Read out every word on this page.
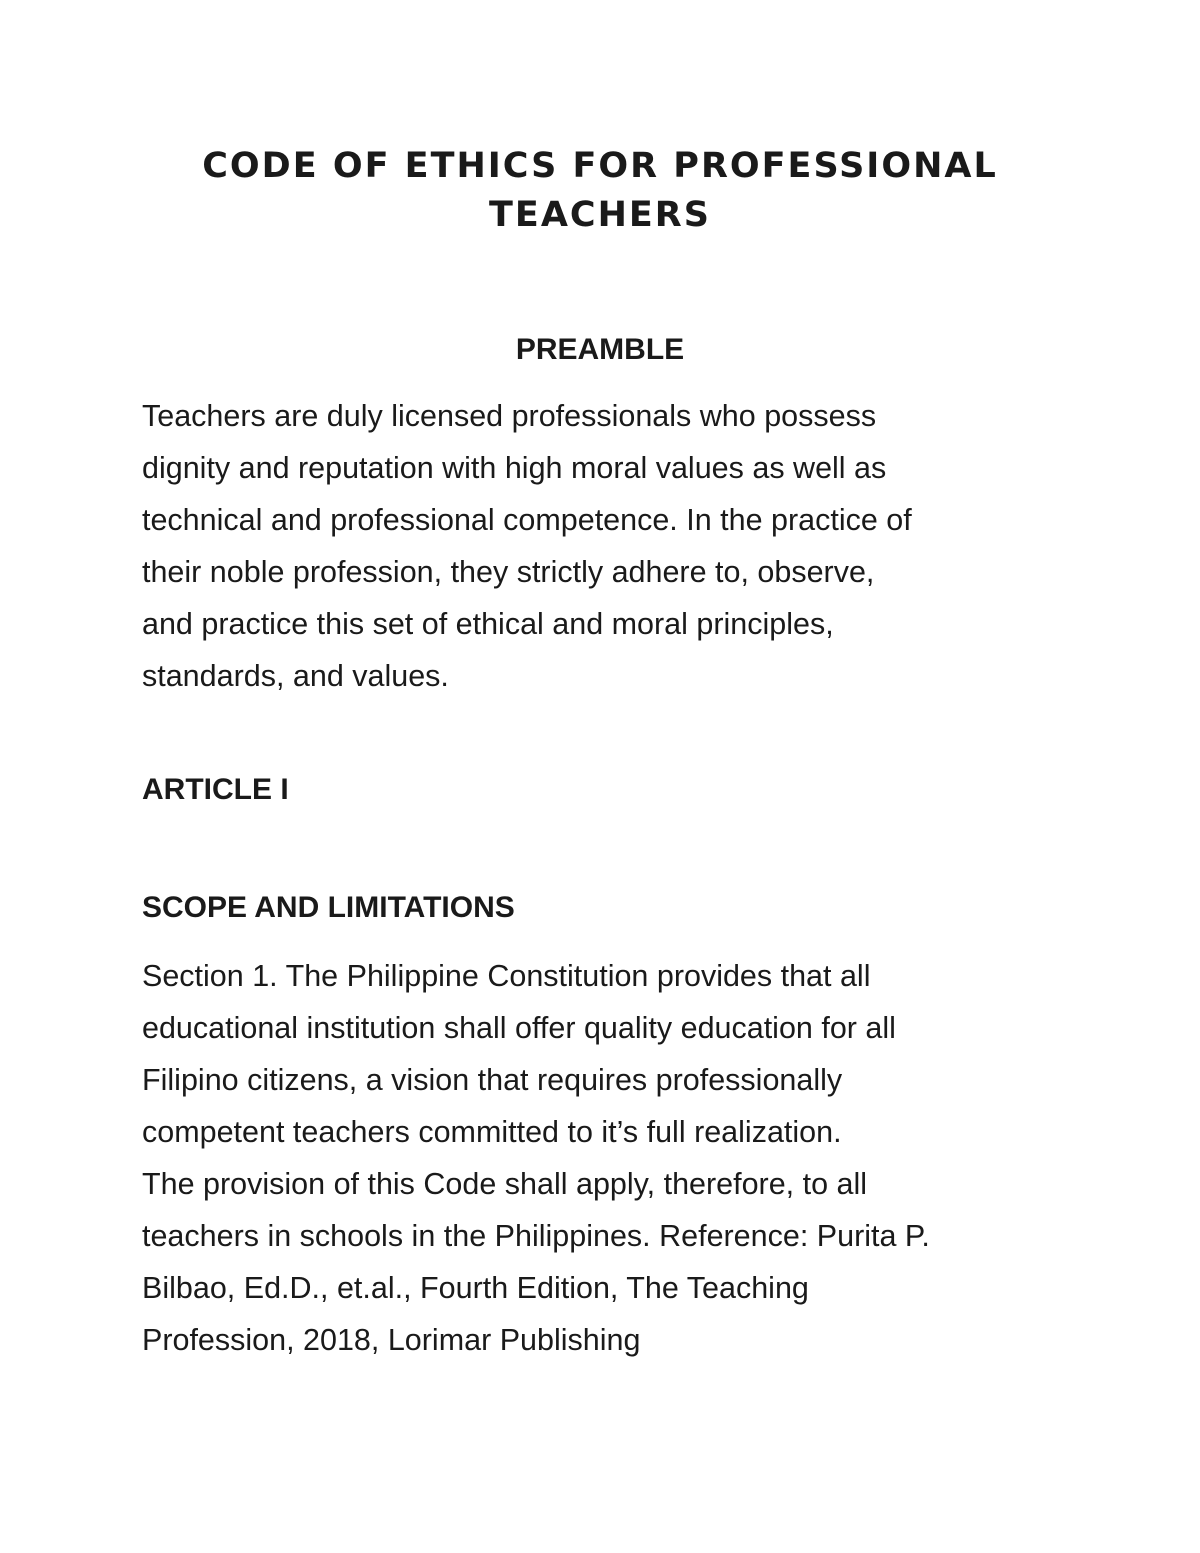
CODE OF ETHICS FOR PROFESSIONAL
TEACHERS
PREAMBLE

Teachers are duly licensed professionals who possess
dignity and reputation with high moral values as well as
technical and professional competence. In the practice of
their noble profession, they strictly adhere to, observe,
and practice this set of ethical and moral principles,
standards, and values.

ARTICLE I
SCOPE AND LIMITATIONS

Section 1. The Philippine Constitution provides that all
educational institution shall offer quality education for all
Filipino citizens, a vision that requires professionally
competent teachers committed to it’s full realization.
The provision of this Code shall apply, therefore, to all
teachers in schools in the Philippines. Reference: Purita P.
Bilbao, Ed.D., et.al., Fourth Edition, The Teaching
Profession, 2018, Lorimar Publishing
